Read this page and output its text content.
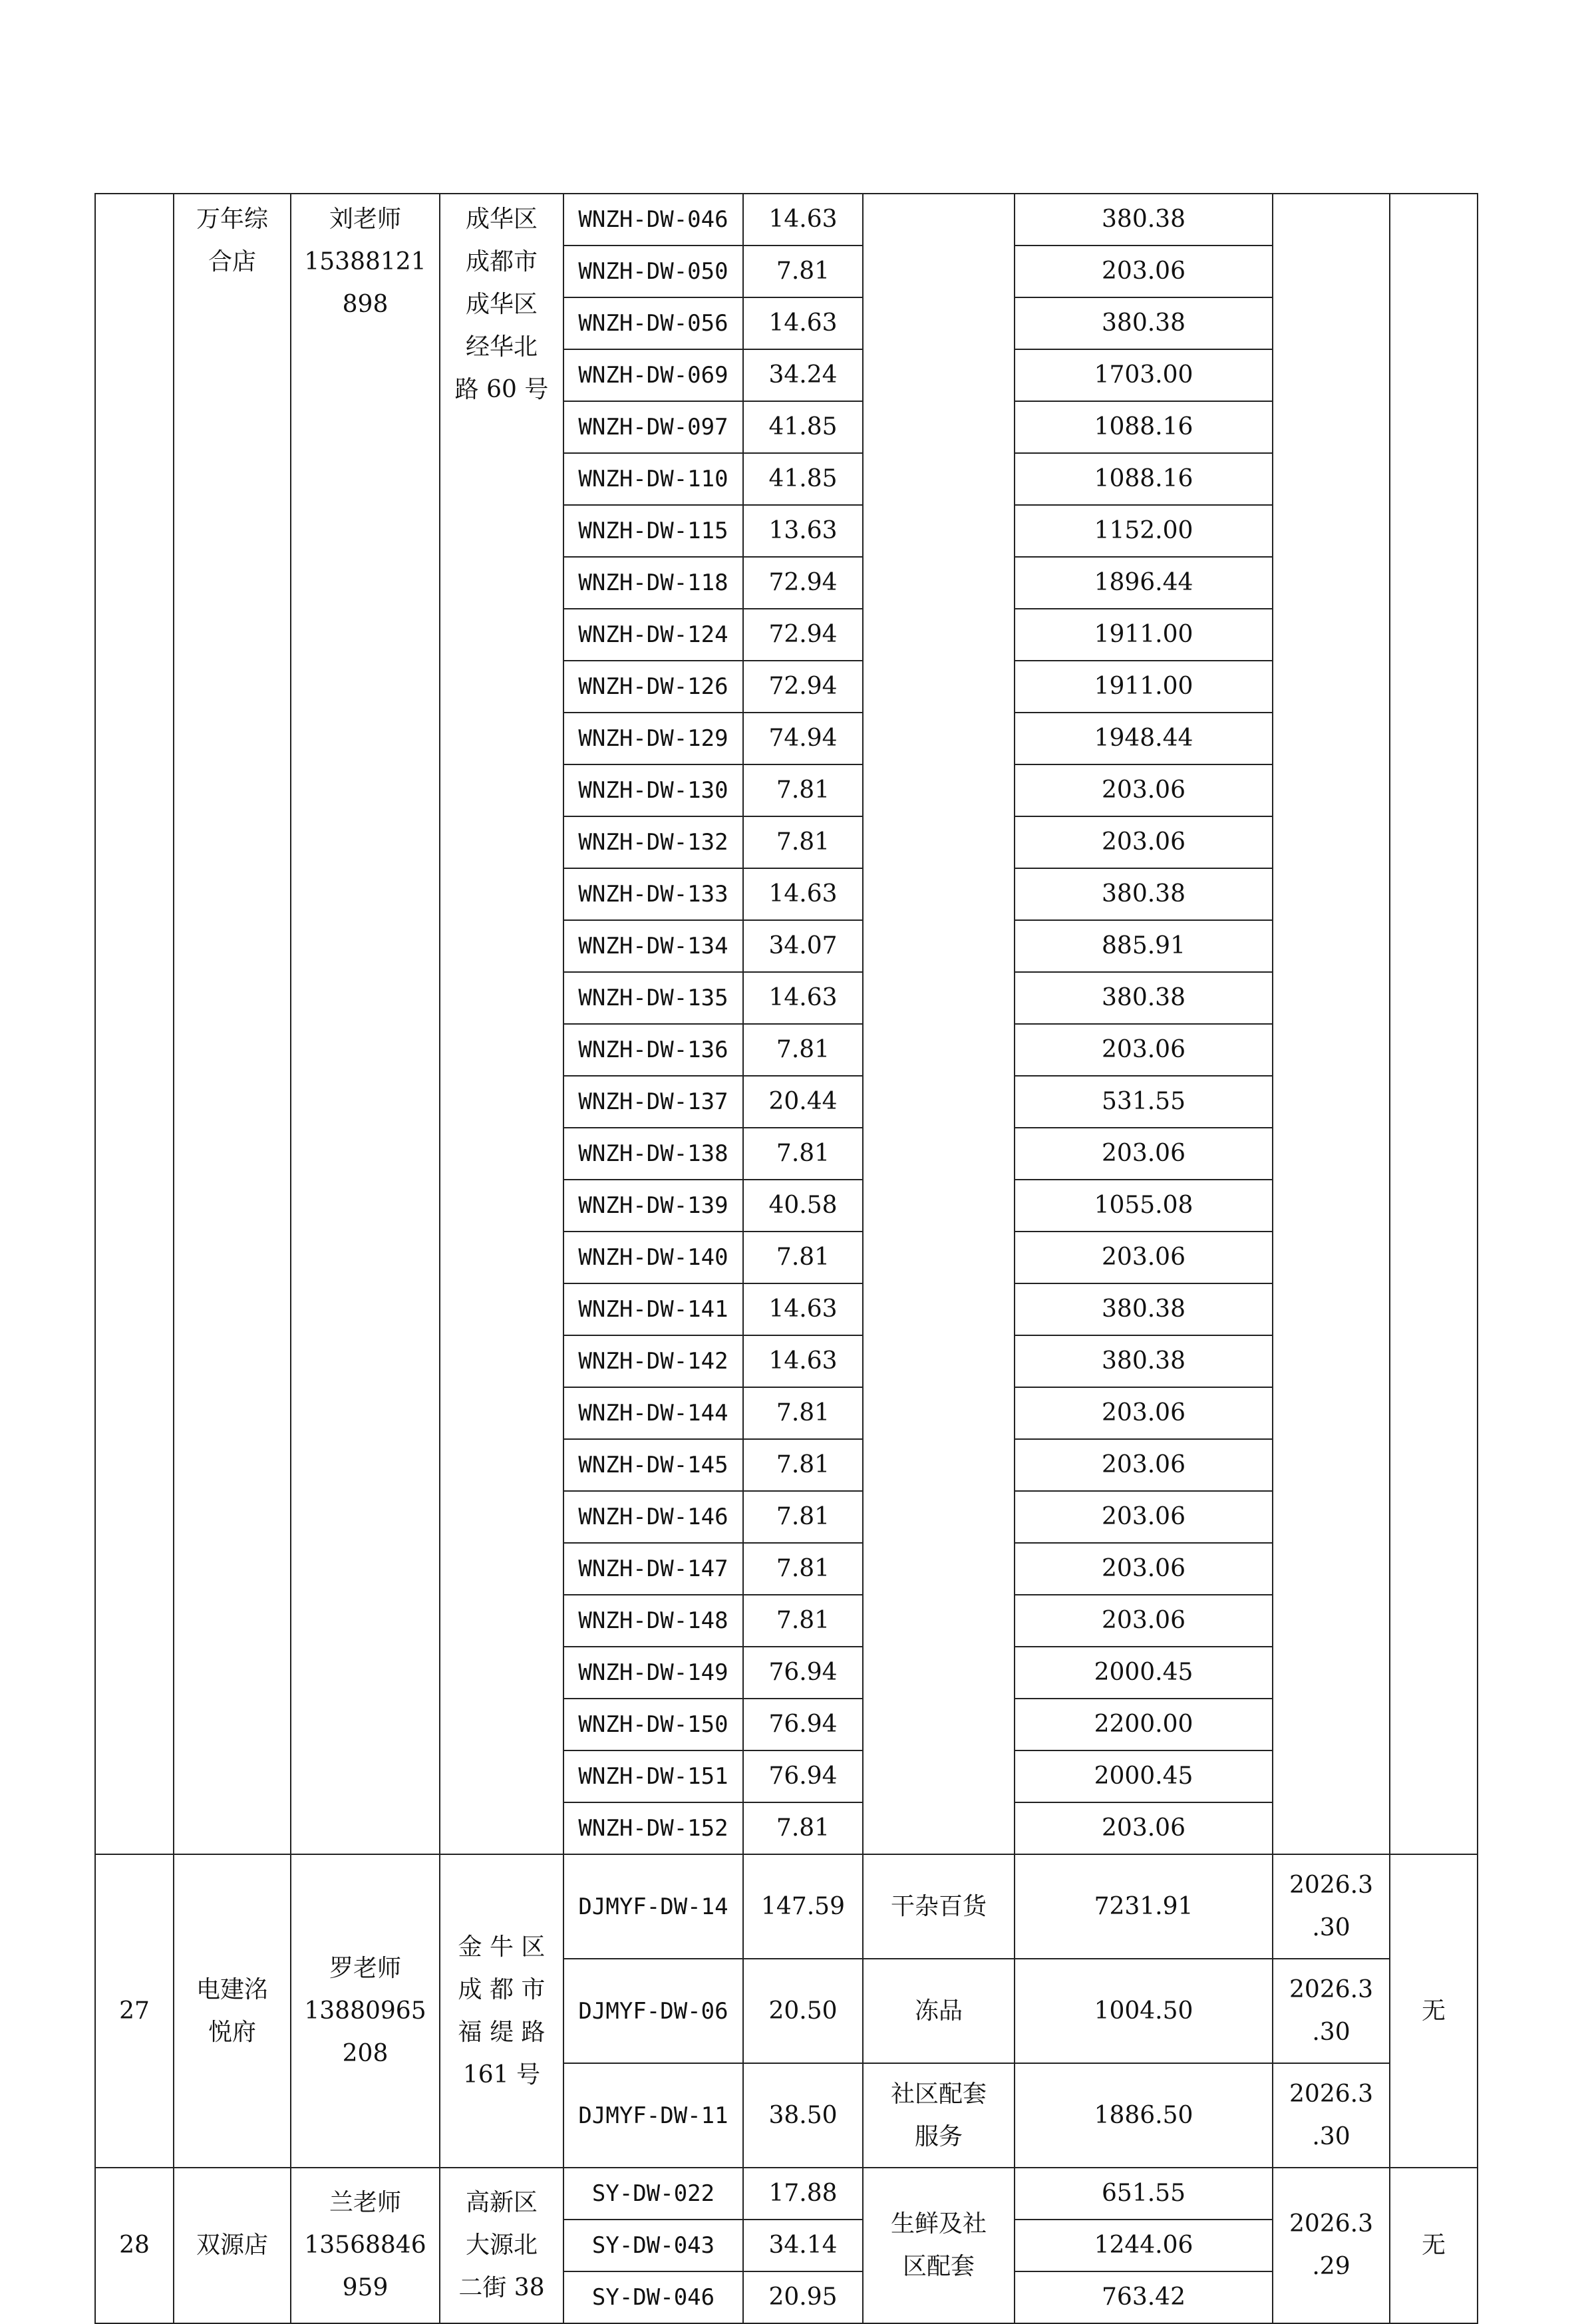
	万年综
合店	刘老师
15388121
898	成华区
成都市
成华区
经华北
路 60 号	WNZH-DW-046	14.63		380.38		

				WNZH-DW-050	7.81		203.06		

				WNZH-DW-056	14.63		380.38		

				WNZH-DW-069	34.24		1703.00		

				WNZH-DW-097	41.85		1088.16		

				WNZH-DW-110	41.85		1088.16		

				WNZH-DW-115	13.63		1152.00		

				WNZH-DW-118	72.94		1896.44		

				WNZH-DW-124	72.94		1911.00		

				WNZH-DW-126	72.94		1911.00		

				WNZH-DW-129	74.94		1948.44		

				WNZH-DW-130	7.81		203.06		

				WNZH-DW-132	7.81		203.06		

				WNZH-DW-133	14.63		380.38		

				WNZH-DW-134	34.07		885.91		

				WNZH-DW-135	14.63		380.38		

				WNZH-DW-136	7.81		203.06		

				WNZH-DW-137	20.44		531.55		

				WNZH-DW-138	7.81		203.06		

				WNZH-DW-139	40.58		1055.08		

				WNZH-DW-140	7.81		203.06		

				WNZH-DW-141	14.63		380.38		

				WNZH-DW-142	14.63		380.38		

				WNZH-DW-144	7.81		203.06		

				WNZH-DW-145	7.81		203.06		

				WNZH-DW-146	7.81		203.06		

				WNZH-DW-147	7.81		203.06		

				WNZH-DW-148	7.81		203.06		

				WNZH-DW-149	76.94		2000.45		

				WNZH-DW-150	76.94		2200.00		

				WNZH-DW-151	76.94		2000.45		

				WNZH-DW-152	7.81		203.06		

27	电建洺
悦府	罗老师
13880965
208	金 牛 区
成 都 市
福 缇 路
161 号	DJMYF-DW-14	147.59	干杂百货	7231.91	2026.3
.30	无

				DJMYF-DW-06	20.50	冻品	1004.50	2026.3
.30	

				DJMYF-DW-11	38.50	社区配套
服务	1886.50	2026.3
.30	

28	双源店	兰老师
13568846
959	高新区
大源北
二街 38	SY-DW-022	17.88	生鲜及社
区配套	651.55	2026.3
.29	无

				SY-DW-043	34.14		1244.06		

				SY-DW-046	20.95		763.42		
